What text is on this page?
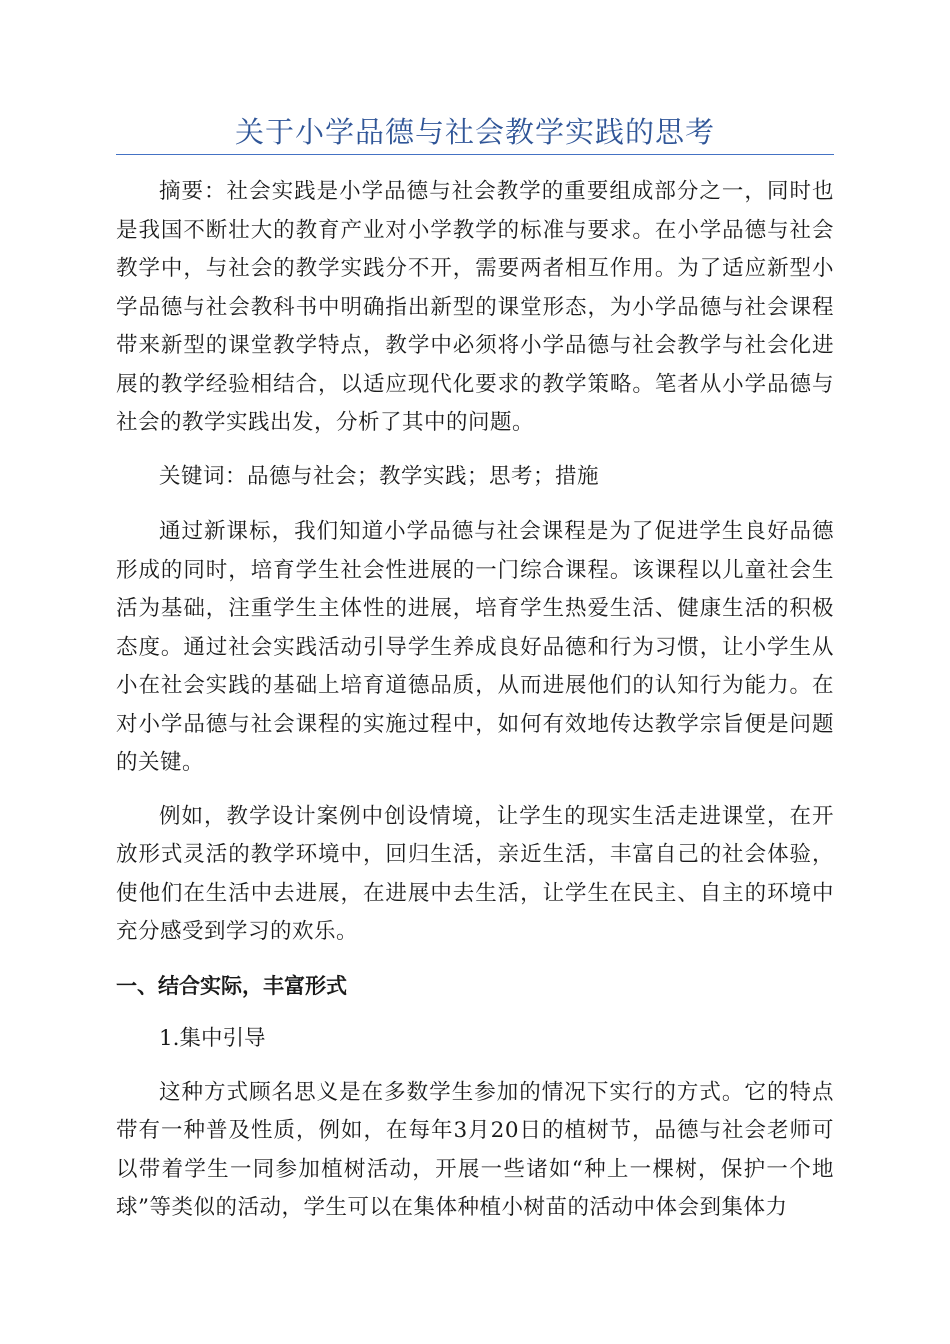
关于小学品德与社会教学实践的思考

摘要：社会实践是小学品德与社会教学的重要组成部分之一，同时也是我国不断壮大的教育产业对小学教学的标准与要求。在小学品德与社会教学中，与社会的教学实践分不开，需要两者相互作用。为了适应新型小学品德与社会教科书中明确指出新型的课堂形态，为小学品德与社会课程带来新型的课堂教学特点，教学中必须将小学品德与社会教学与社会化进展的教学经验相结合，以适应现代化要求的教学策略。笔者从小学品德与社会的教学实践出发，分析了其中的问题。

关键词：品德与社会；教学实践；思考；措施

通过新课标，我们知道小学品德与社会课程是为了促进学生良好品德形成的同时，培育学生社会性进展的一门综合课程。该课程以儿童社会生活为基础，注重学生主体性的进展，培育学生热爱生活、健康生活的积极态度。通过社会实践活动引导学生养成良好品德和行为习惯，让小学生从小在社会实践的基础上培育道德品质，从而进展他们的认知行为能力。在对小学品德与社会课程的实施过程中，如何有效地传达教学宗旨便是问题的关键。

例如，教学设计案例中创设情境，让学生的现实生活走进课堂，在开放形式灵活的教学环境中，回归生活，亲近生活，丰富自己的社会体验，使他们在生活中去进展，在进展中去生活，让学生在民主、自主的环境中充分感受到学习的欢乐。

一、结合实际，丰富形式
1.集中引导

这种方式顾名思义是在多数学生参加的情况下实行的方式。它的特点带有一种普及性质，例如，在每年3月20日的植树节，品德与社会老师可以带着学生一同参加植树活动，开展一些诸如“种上一棵树，保护一个地球”等类似的活动，学生可以在集体种植小树苗的活动中体会到集体力
